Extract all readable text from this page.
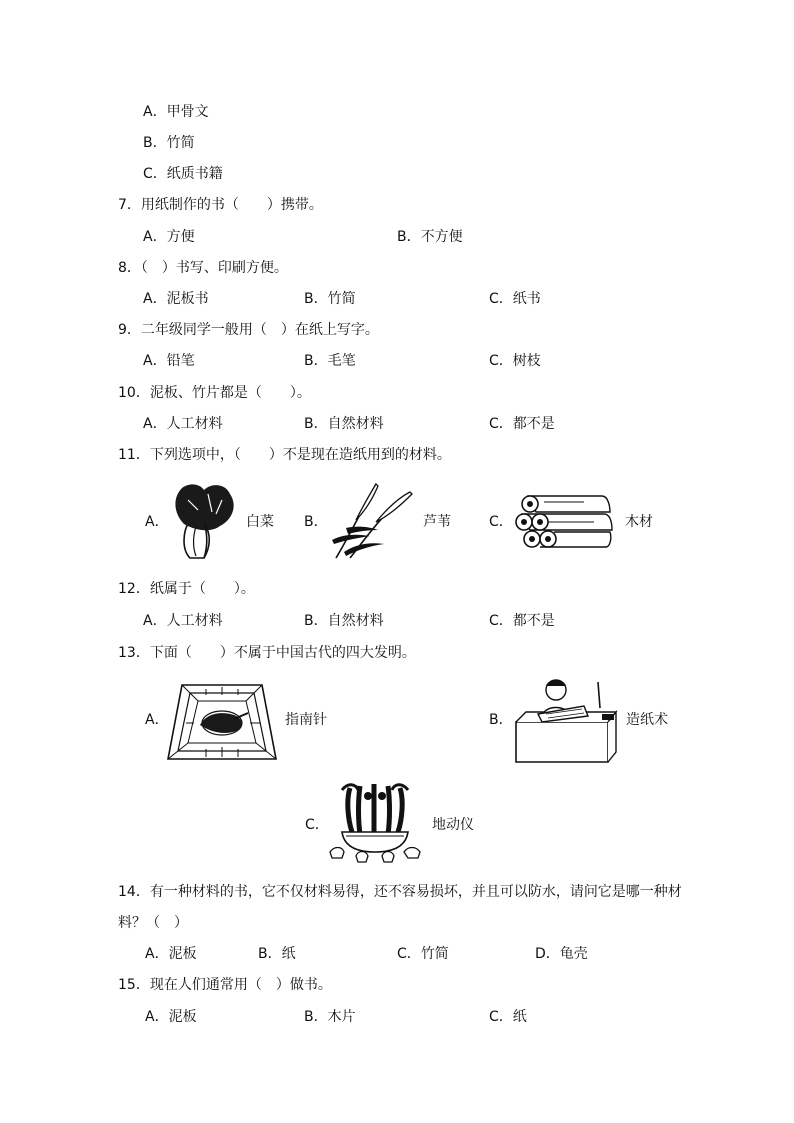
A．甲骨文
B．竹简
C．纸质书籍
7．用纸制作的书（　　）携带。
A．方便	B．不方便
8．（　）书写、印刷方便。
A．泥板书	B．竹简	C．纸书
9．二年级同学一般用（　）在纸上写字。
A．铅笔	B．毛笔	C．树枝
10．泥板、竹片都是（　　）。
A．人工材料	B．自然材料	C．都不是
11．下列选项中，（　　）不是现在造纸用到的材料。
A．	白菜 B．	芦苇	C．	木材
12．纸属于（　　）。
A．人工材料	B．自然材料	C．都不是
13．下面（　　）不属于中国古代的四大发明。
A．	指南针	B．	造纸术
C．	地动仪
14．有一种材料的书，它不仅材料易得，还不容易损坏，并且可以防水，请问它是哪一种材
料？（　）
A．泥板	B．纸	C．竹简	D．龟壳
15．现在人们通常用（　）做书。
A．泥板	B．木片	C．纸
